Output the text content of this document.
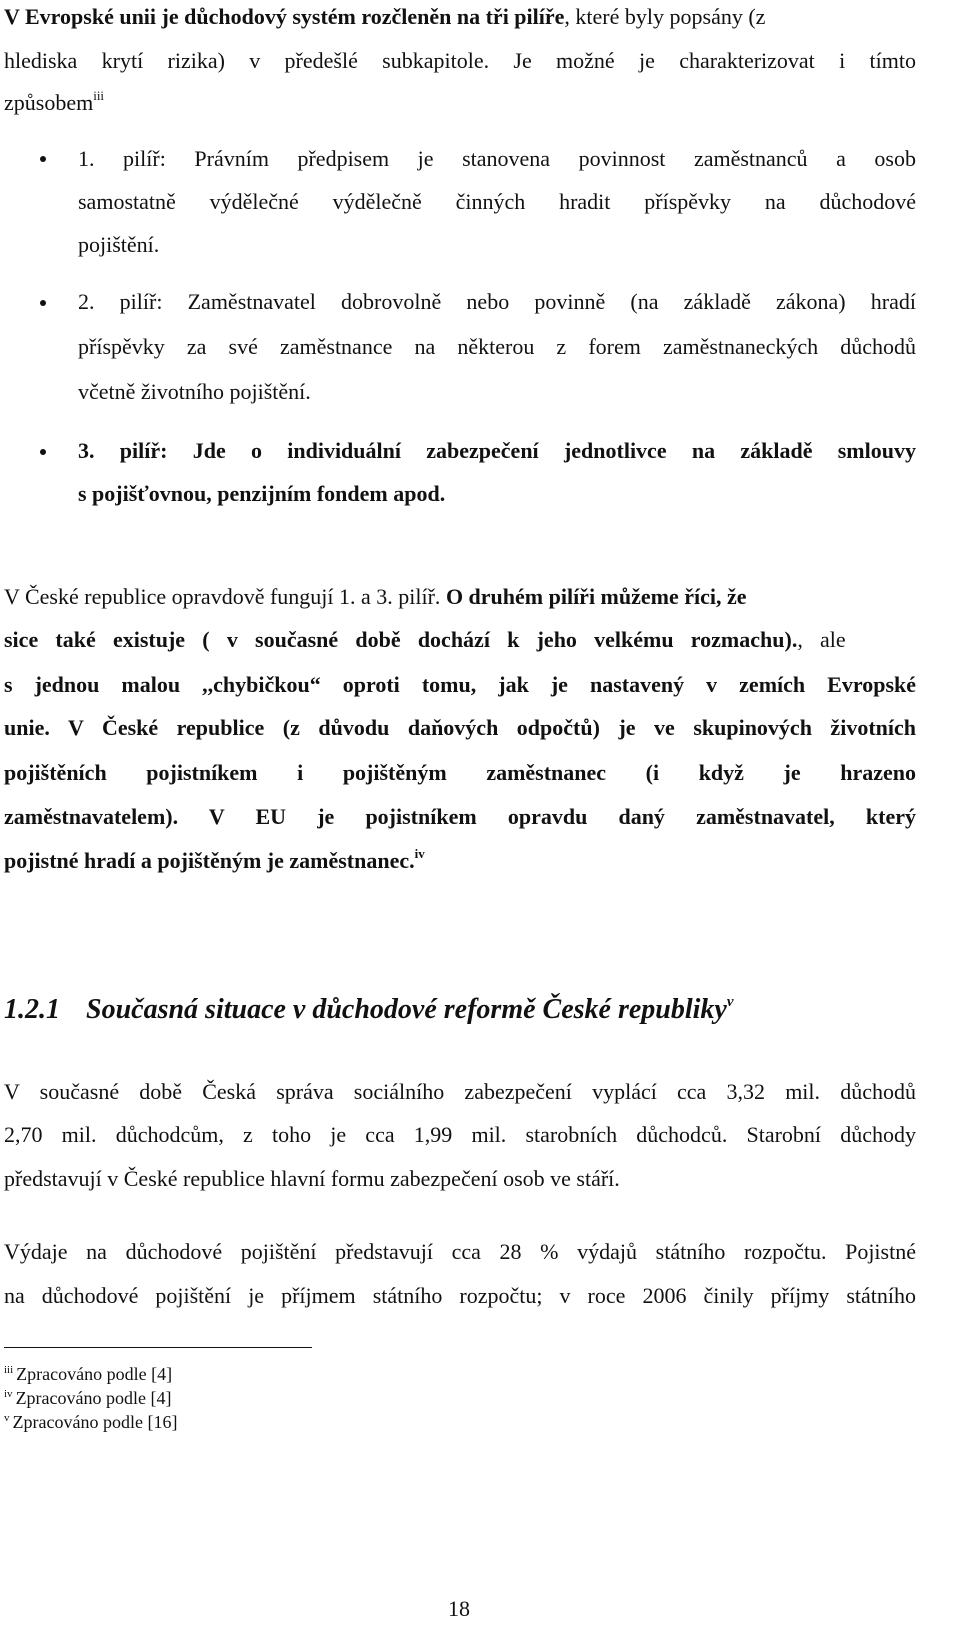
V Evropské unii je důchodový systém rozčleněn na tři pilíře, které byly popsány (z
hlediska krytí rizika) v předešlé subkapitole. Je možné je charakterizovat i tímto
způsobem$^{iii}$
1. pilíř: Právním předpisem je stanovena povinnost zaměstnanců a osob
samostatně výdělečné výdělečně činných hradit příspěvky na důchodové
pojištění.
2. pilíř: Zaměstnavatel dobrovolně nebo povinně (na základě zákona) hradí
příspěvky za své zaměstnance na některou z forem zaměstnaneckých důchodů
včetně životního pojištění.
3. pilíř: Jde o individuální zabezpečení jednotlivce na základě smlouvy
s pojišťovnou, penzijním fondem apod.
V České republice opravdově fungují 1. a 3. pilíř. O druhém pilíři můžeme říci, že
sice také existuje ( v současné době dochází k jeho velkému rozmachu)., ale
s jednou malou ,,chybičkou“ oproti tomu, jak je nastavený v zemích Evropské
unie. V České republice (z důvodu daňových odpočtů) je ve skupinových životních
pojištěních pojistníkem i pojištěným zaměstnanec (i když je hrazeno
zaměstnavatelem). V EU je pojistníkem opravdu daný zaměstnavatel, který
pojistné hradí a pojištěným je zaměstnanec.$^{iv}$
1.2.1 Současná situace v důchodové reformě České republiky$^v$
V současné době Česká správa sociálního zabezpečení vyplácí cca 3,32 mil. důchodů
2,70 mil. důchodcům, z toho je cca 1,99 mil. starobních důchodců. Starobní důchody
představují v České republice hlavní formu zabezpečení osob ve stáří.
Výdaje na důchodové pojištění představují cca 28 % výdajů státního rozpočtu. Pojistné
na důchodové pojištění je příjmem státního rozpočtu; v roce 2006 činily příjmy státního
$^{iii}$ Zpracováno podle [4]
$^{iv}$ Zpracováno podle [4]
$^v$ Zpracováno podle [16]
18
